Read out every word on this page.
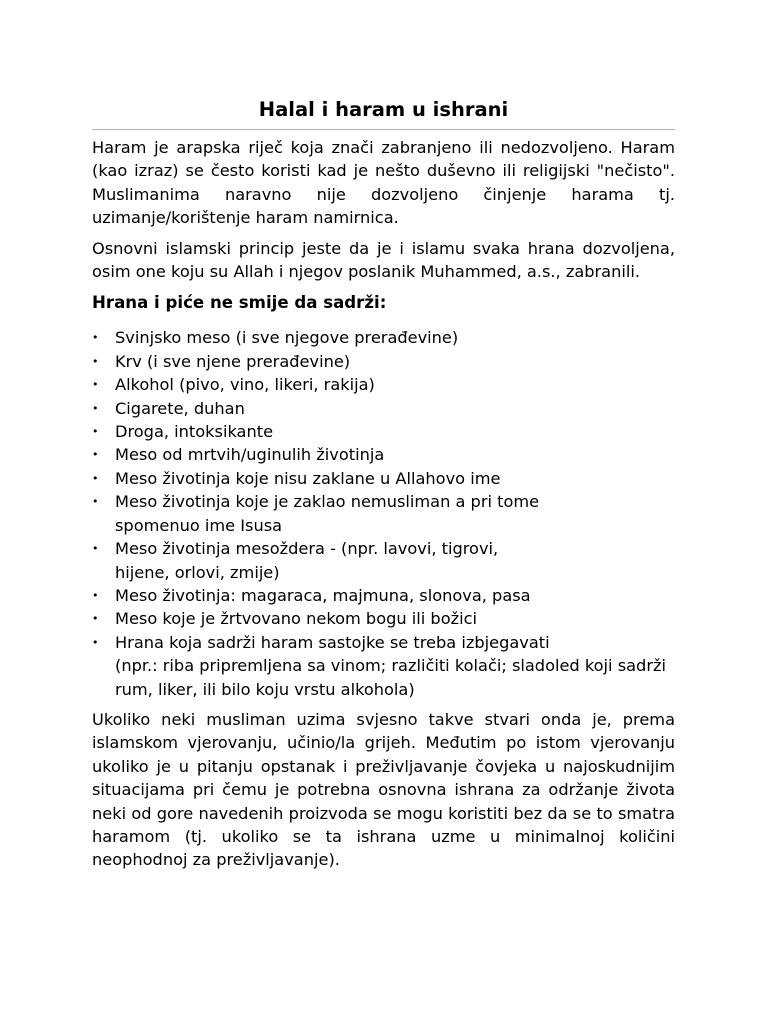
Halal i haram u ishrani

Haram je arapska riječ koja znači zabranjeno ili nedozvoljeno. Haram (kao izraz) se često koristi kad je nešto duševno ili religijski "nečisto". Muslimanima naravno nije dozvoljeno činjenje harama tj. uzimanje/korištenje haram namirnica.

Osnovni islamski princip jeste da je i islamu svaka hrana dozvoljena, osim one koju su Allah i njegov poslanik Muhammed, a.s., zabranili.

Hrana i piće ne smije da sadrži:

• Svinjsko meso (i sve njegove prerađevine)
• Krv (i sve njene prerađevine)
• Alkohol (pivo, vino, likeri, rakija)
• Cigarete, duhan
• Droga, intoksikante
• Meso od mrtvih/uginulih životinja
• Meso životinja koje nisu zaklane u Allahovo ime
• Meso životinja koje je zaklao nemusliman a pri tome
spomenuo ime Isusa
• Meso životinja mesoždera - (npr. lavovi, tigrovi,
hijene, orlovi, zmije)
• Meso životinja: magaraca, majmuna, slonova, pasa
• Meso koje je žrtvovano nekom bogu ili božici
• Hrana koja sadrži haram sastojke se treba izbjegavati
(npr.: riba pripremljena sa vinom; različiti kolači; sladoled koji sadrži rum, liker, ili bilo koju vrstu alkohola)

Ukoliko neki musliman uzima svjesno takve stvari onda je, prema islamskom vjerovanju, učinio/la grijeh. Međutim po istom vjerovanju ukoliko je u pitanju opstanak i preživljavanje čovjeka u najoskudnijim situacijama pri čemu je potrebna osnovna ishrana za održanje života neki od gore navedenih proizvoda se mogu koristiti bez da se to smatra haramom (tj. ukoliko se ta ishrana uzme u minimalnoj količini neophodnoj za preživljavanje).
